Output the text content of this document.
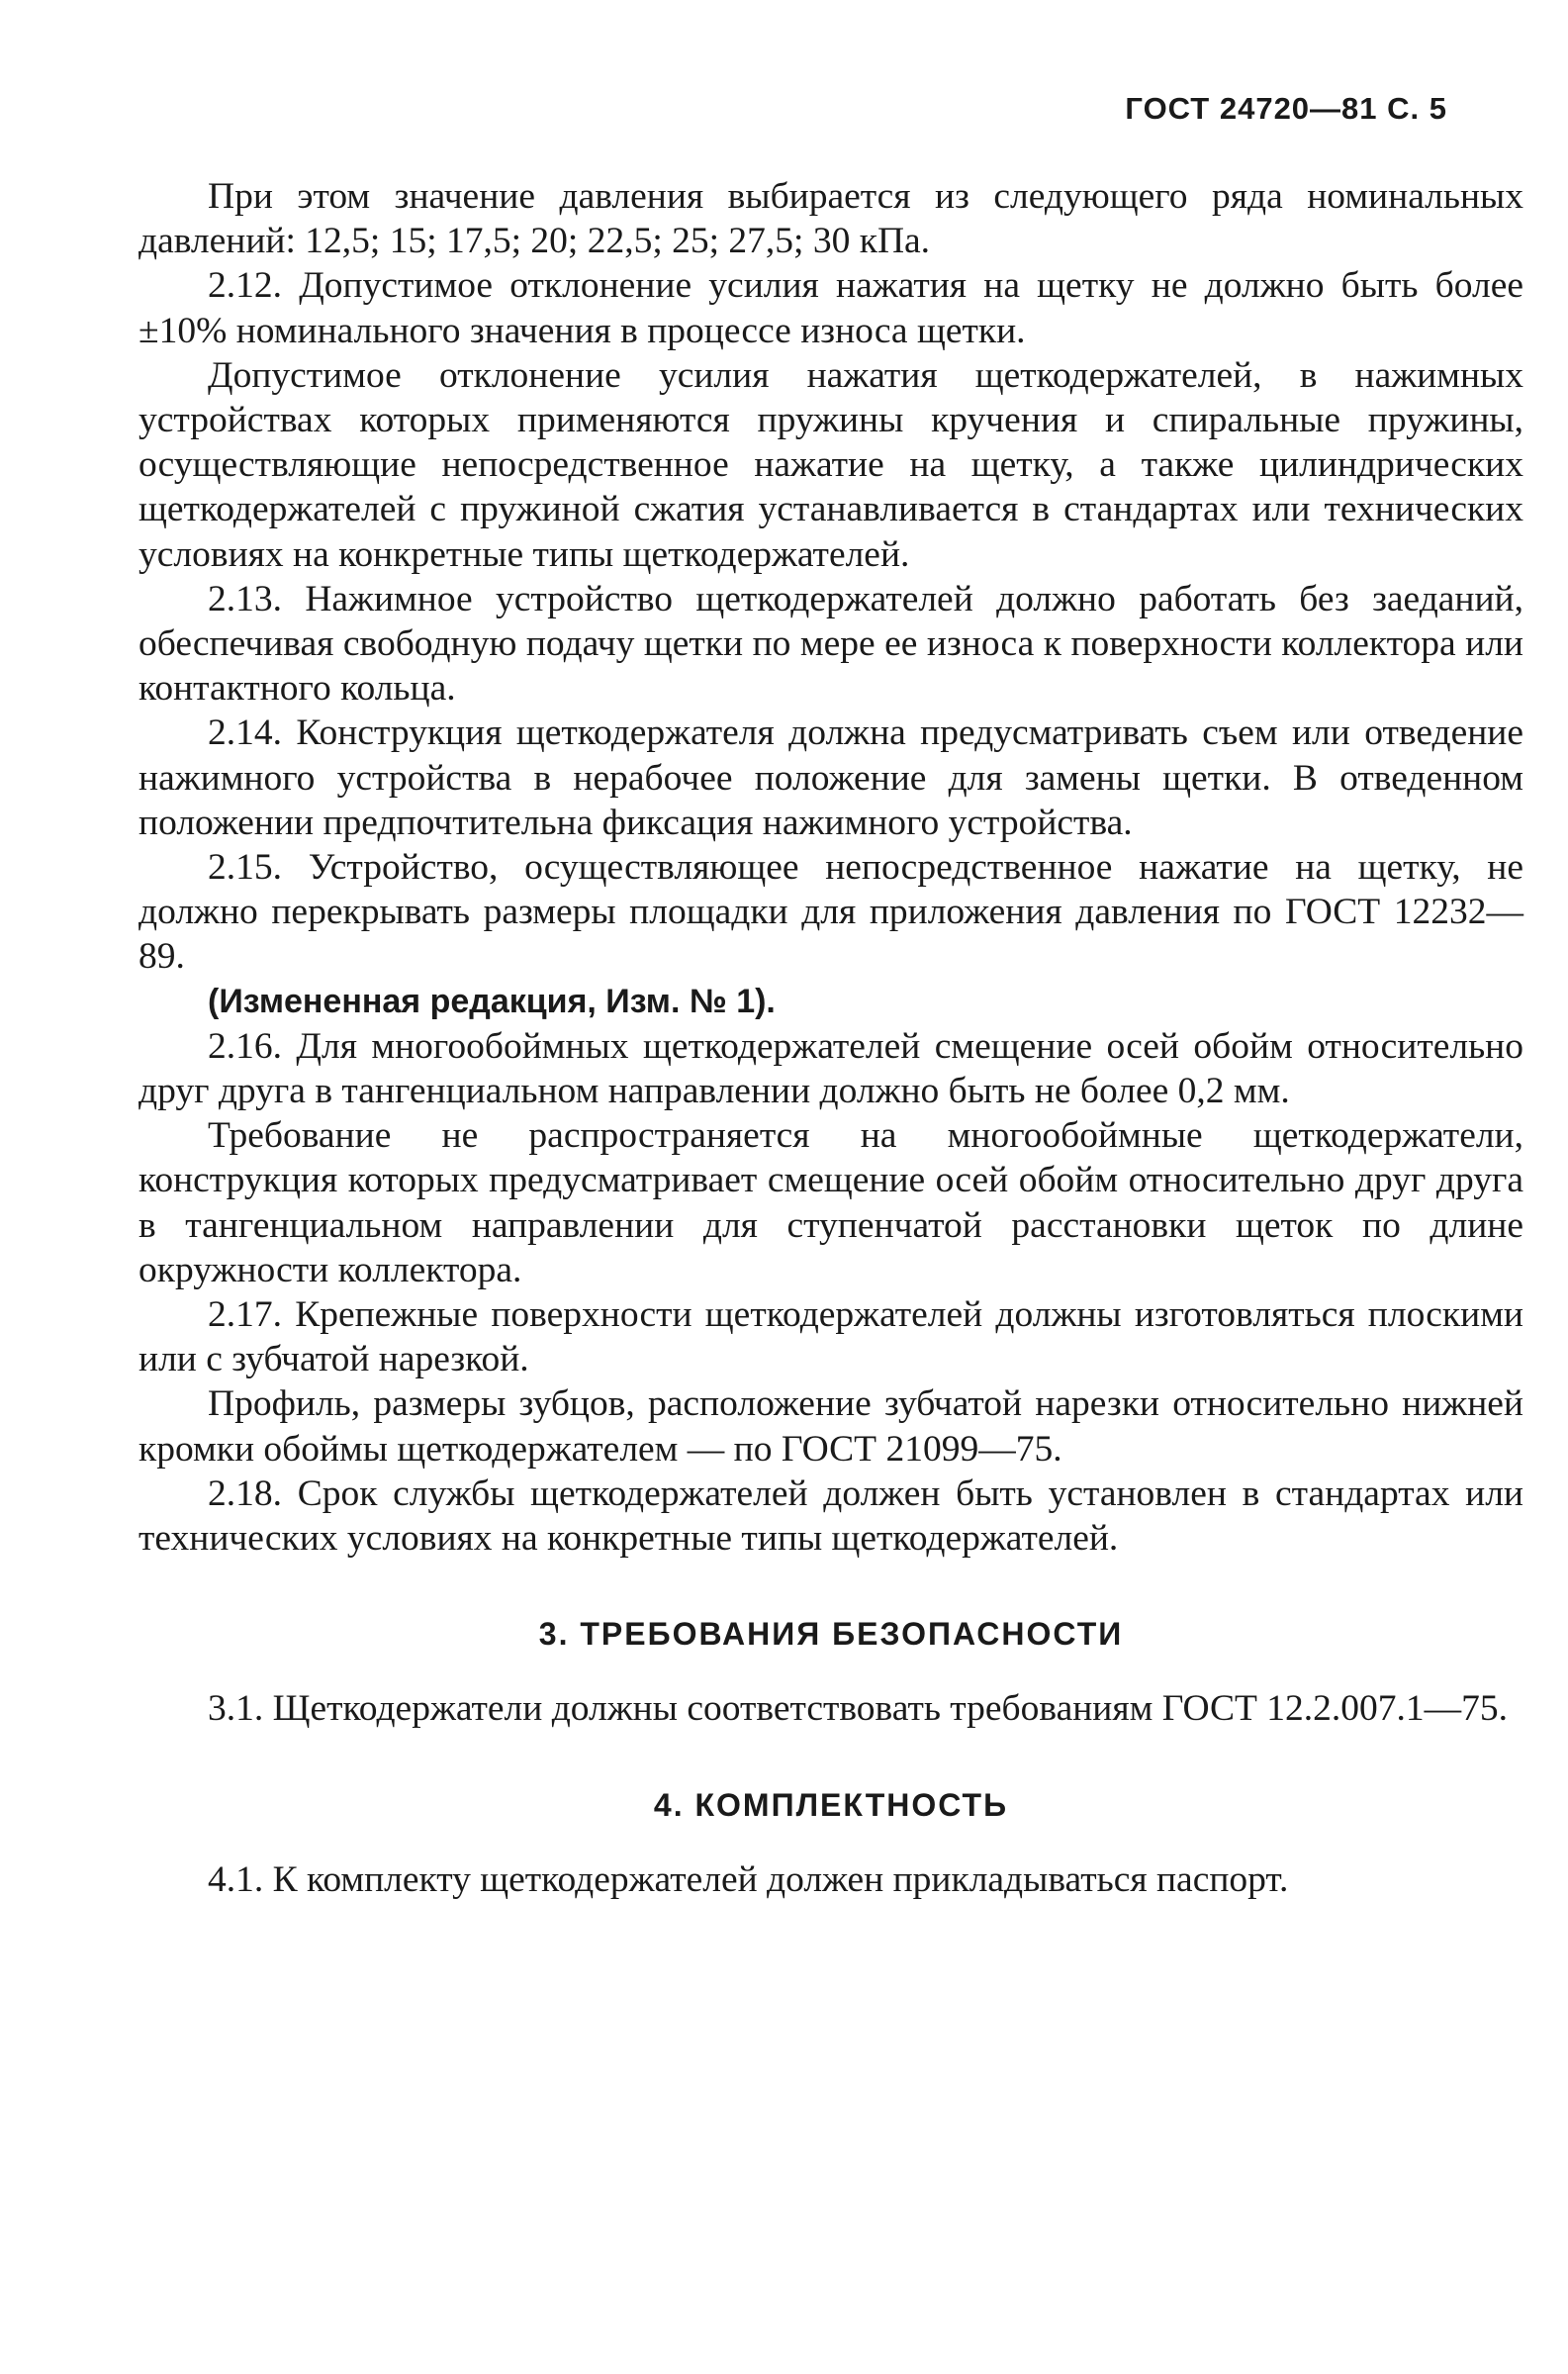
ГОСТ 24720—81 С. 5

При этом значение давления выбирается из следующего ряда номинальных давлений: 12,5; 15; 17,5; 20; 22,5; 25; 27,5; 30 кПа.

2.12. Допустимое отклонение усилия нажатия на щетку не должно быть более ±10% номинального значения в процессе износа щетки.

Допустимое отклонение усилия нажатия щеткодержателей, в нажимных устройствах которых применяются пружины кручения и спиральные пружины, осуществляющие непосредственное нажатие на щетку, а также цилиндрических щеткодержателей с пружиной сжатия устанавливается в стандартах или технических условиях на конкретные типы щеткодержателей.

2.13. Нажимное устройство щеткодержателей должно работать без заеданий, обеспечивая свободную подачу щетки по мере ее износа к поверхности коллектора или контактного кольца.

2.14. Конструкция щеткодержателя должна предусматривать съем или отведение нажимного устройства в нерабочее положение для замены щетки. В отведенном положении предпочтительна фиксация нажимного устройства.

2.15. Устройство, осуществляющее непосредственное нажатие на щетку, не должно перекрывать размеры площадки для приложения давления по ГОСТ 12232—89.

(Измененная редакция, Изм. № 1).

2.16. Для многообоймных щеткодержателей смещение осей обойм относительно друг друга в тангенциальном направлении должно быть не более 0,2 мм.

Требование не распространяется на многообоймные щеткодержатели, конструкция которых предусматривает смещение осей обойм относительно друг друга в тангенциальном направлении для ступенчатой расстановки щеток по длине окружности коллектора.

2.17. Крепежные поверхности щеткодержателей должны изготовляться плоскими или с зубчатой нарезкой.

Профиль, размеры зубцов, расположение зубчатой нарезки относительно нижней кромки обоймы щеткодержателем — по ГОСТ 21099—75.

2.18. Срок службы щеткодержателей должен быть установлен в стандартах или технических условиях на конкретные типы щеткодержателей.

3. ТРЕБОВАНИЯ БЕЗОПАСНОСТИ

3.1. Щеткодержатели должны соответствовать требованиям ГОСТ 12.2.007.1—75.

4. КОМПЛЕКТНОСТЬ

4.1. К комплекту щеткодержателей должен прикладываться паспорт.
